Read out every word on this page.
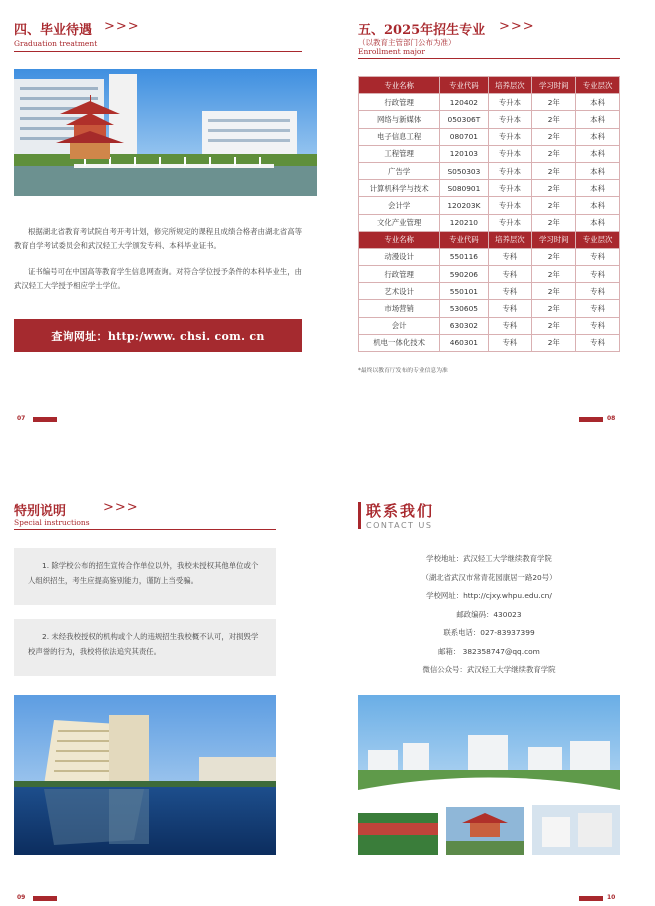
四、毕业待遇 >>>
Graduation treatment
根据湖北省教育考试院自考开考计划，修完所规定的课程且成绩合格者由湖北省高等教育自学考试委员会和武汉轻工大学颁发专科、本科毕业证书。
证书编号可在中国高等教育学生信息网查询。对符合学位授予条件的本科毕业生，由武汉轻工大学授予相应学士学位。
查询网址：http:/www. chsi. com. cn
07
五、2025年招生专业 >>>
（以教育主管部门公布为准）
Enrollment major
专业名称	专业代码	培养层次	学习时间	专业层次
行政管理	120402	专升本	2年	本科
网络与新媒体	050306T	专升本	2年	本科
电子信息工程	080701	专升本	2年	本科
工程管理	120103	专升本	2年	本科
广告学	S050303	专升本	2年	本科
计算机科学与技术	S080901	专升本	2年	本科
会计学	120203K	专升本	2年	本科
文化产业管理	120210	专升本	2年	本科
专业名称	专业代码	培养层次	学习时间	专业层次
动漫设计	550116	专科	2年	专科
行政管理	590206	专科	2年	专科
艺术设计	550101	专科	2年	专科
市场营销	530605	专科	2年	专科
会计	630302	专科	2年	专科
机电一体化技术	460301	专科	2年	专科
*最终以教育厅发布的专业信息为准
08
特别说明	>>>
Special instructions
1. 除学校公布的招生宣传合作单位以外，我校未授权其他单位或个人组织招生，考生应提高鉴别能力，谨防上当受骗。
2. 未经我校授权的机构或个人的违规招生我校概不认可，对损毁学校声誉的行为，我校将依法追究其责任。
09
联系我们
CONTACT US
学校地址：武汉轻工大学继续教育学院
（湖北省武汉市常青花园康居一路20号）
学校网址：http://cjxy.whpu.edu.cn/
邮政编码：430023
联系电话：027-83937399
邮箱： 382358747@qq.com
微信公众号：武汉轻工大学继续教育学院
10
